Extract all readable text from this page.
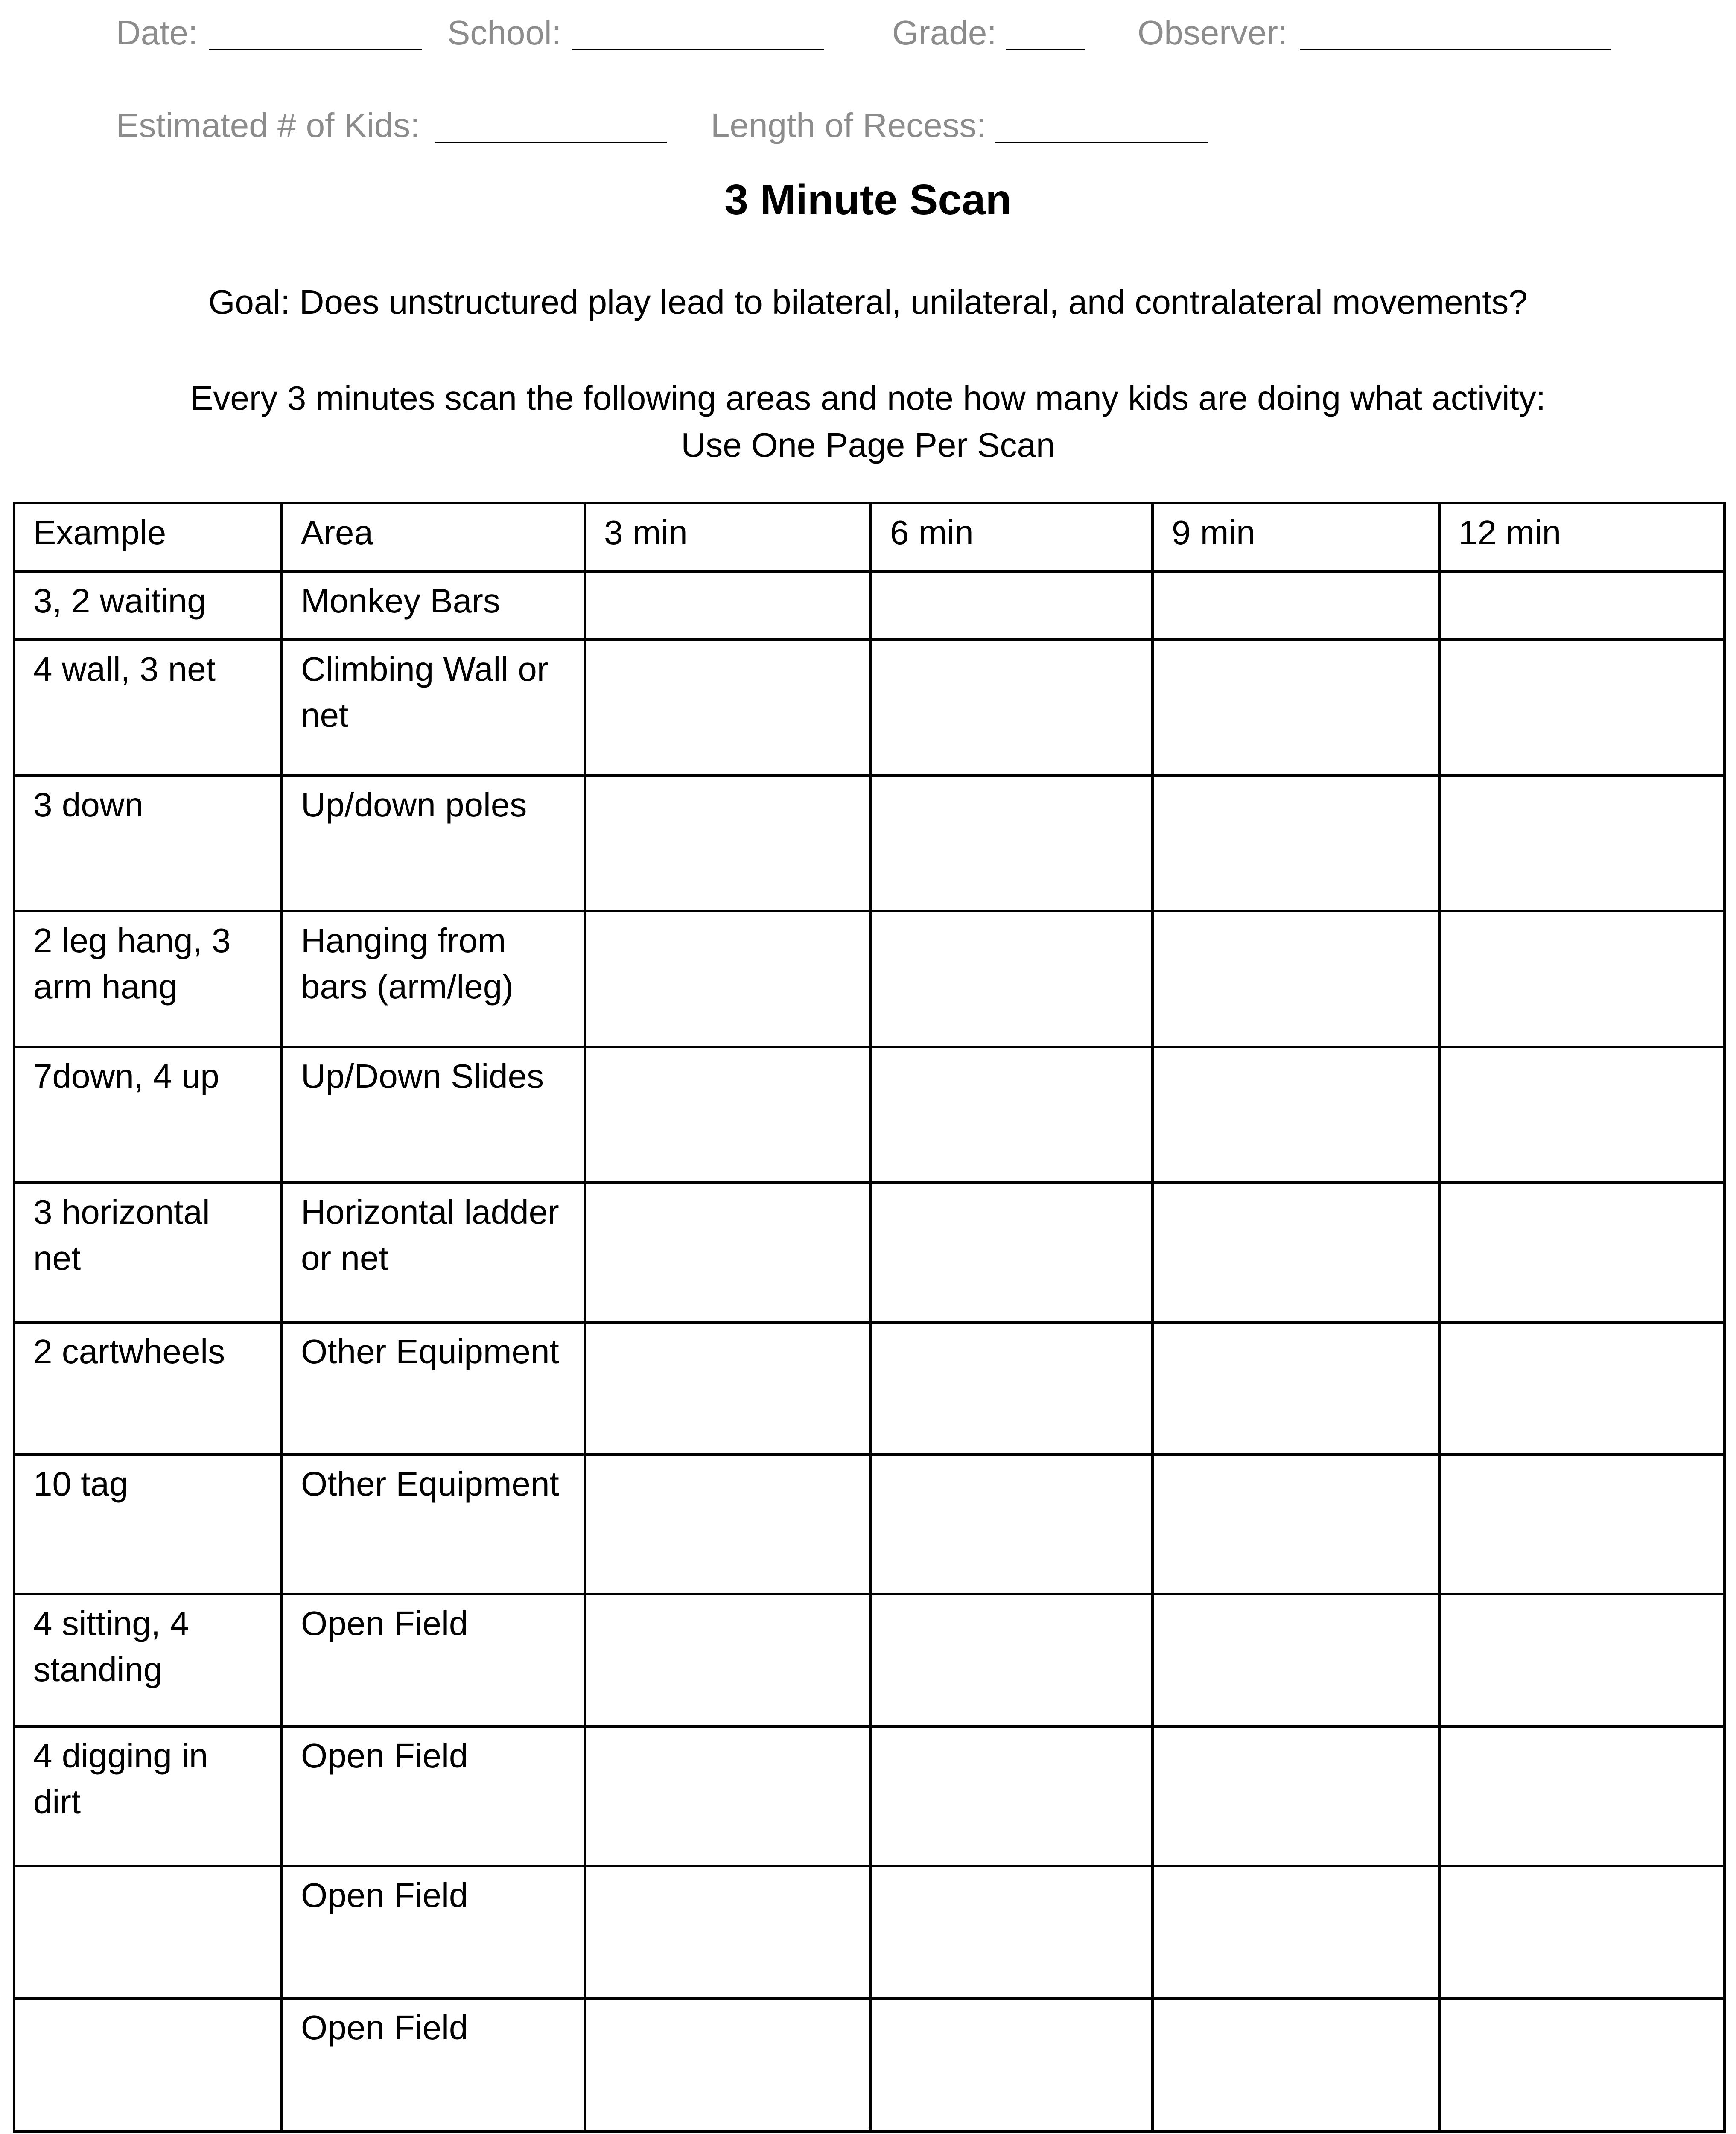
Date:	School:	Grade:	Observer:
Estimated # of Kids:	Length of Recess:
3 Minute Scan
Goal: Does unstructured play lead to bilateral, unilateral, and contralateral movements?
Every 3 minutes scan the following areas and note how many kids are doing what activity:
Use One Page Per Scan
Example	Area	3 min	6 min	9 min	12 min
3, 2 waiting	Monkey Bars				
4 wall, 3 net	Climbing Wall or net				
3 down	Up/down poles				
2 leg hang, 3 arm hang	Hanging from bars (arm/leg)				
7down, 4 up	Up/Down Slides				
3 horizontal net	Horizontal ladder or net				
2 cartwheels	Other Equipment				
10 tag	Other Equipment				
4 sitting, 4 standing	Open Field				
4 digging in dirt	Open Field				
	Open Field				
	Open Field				
